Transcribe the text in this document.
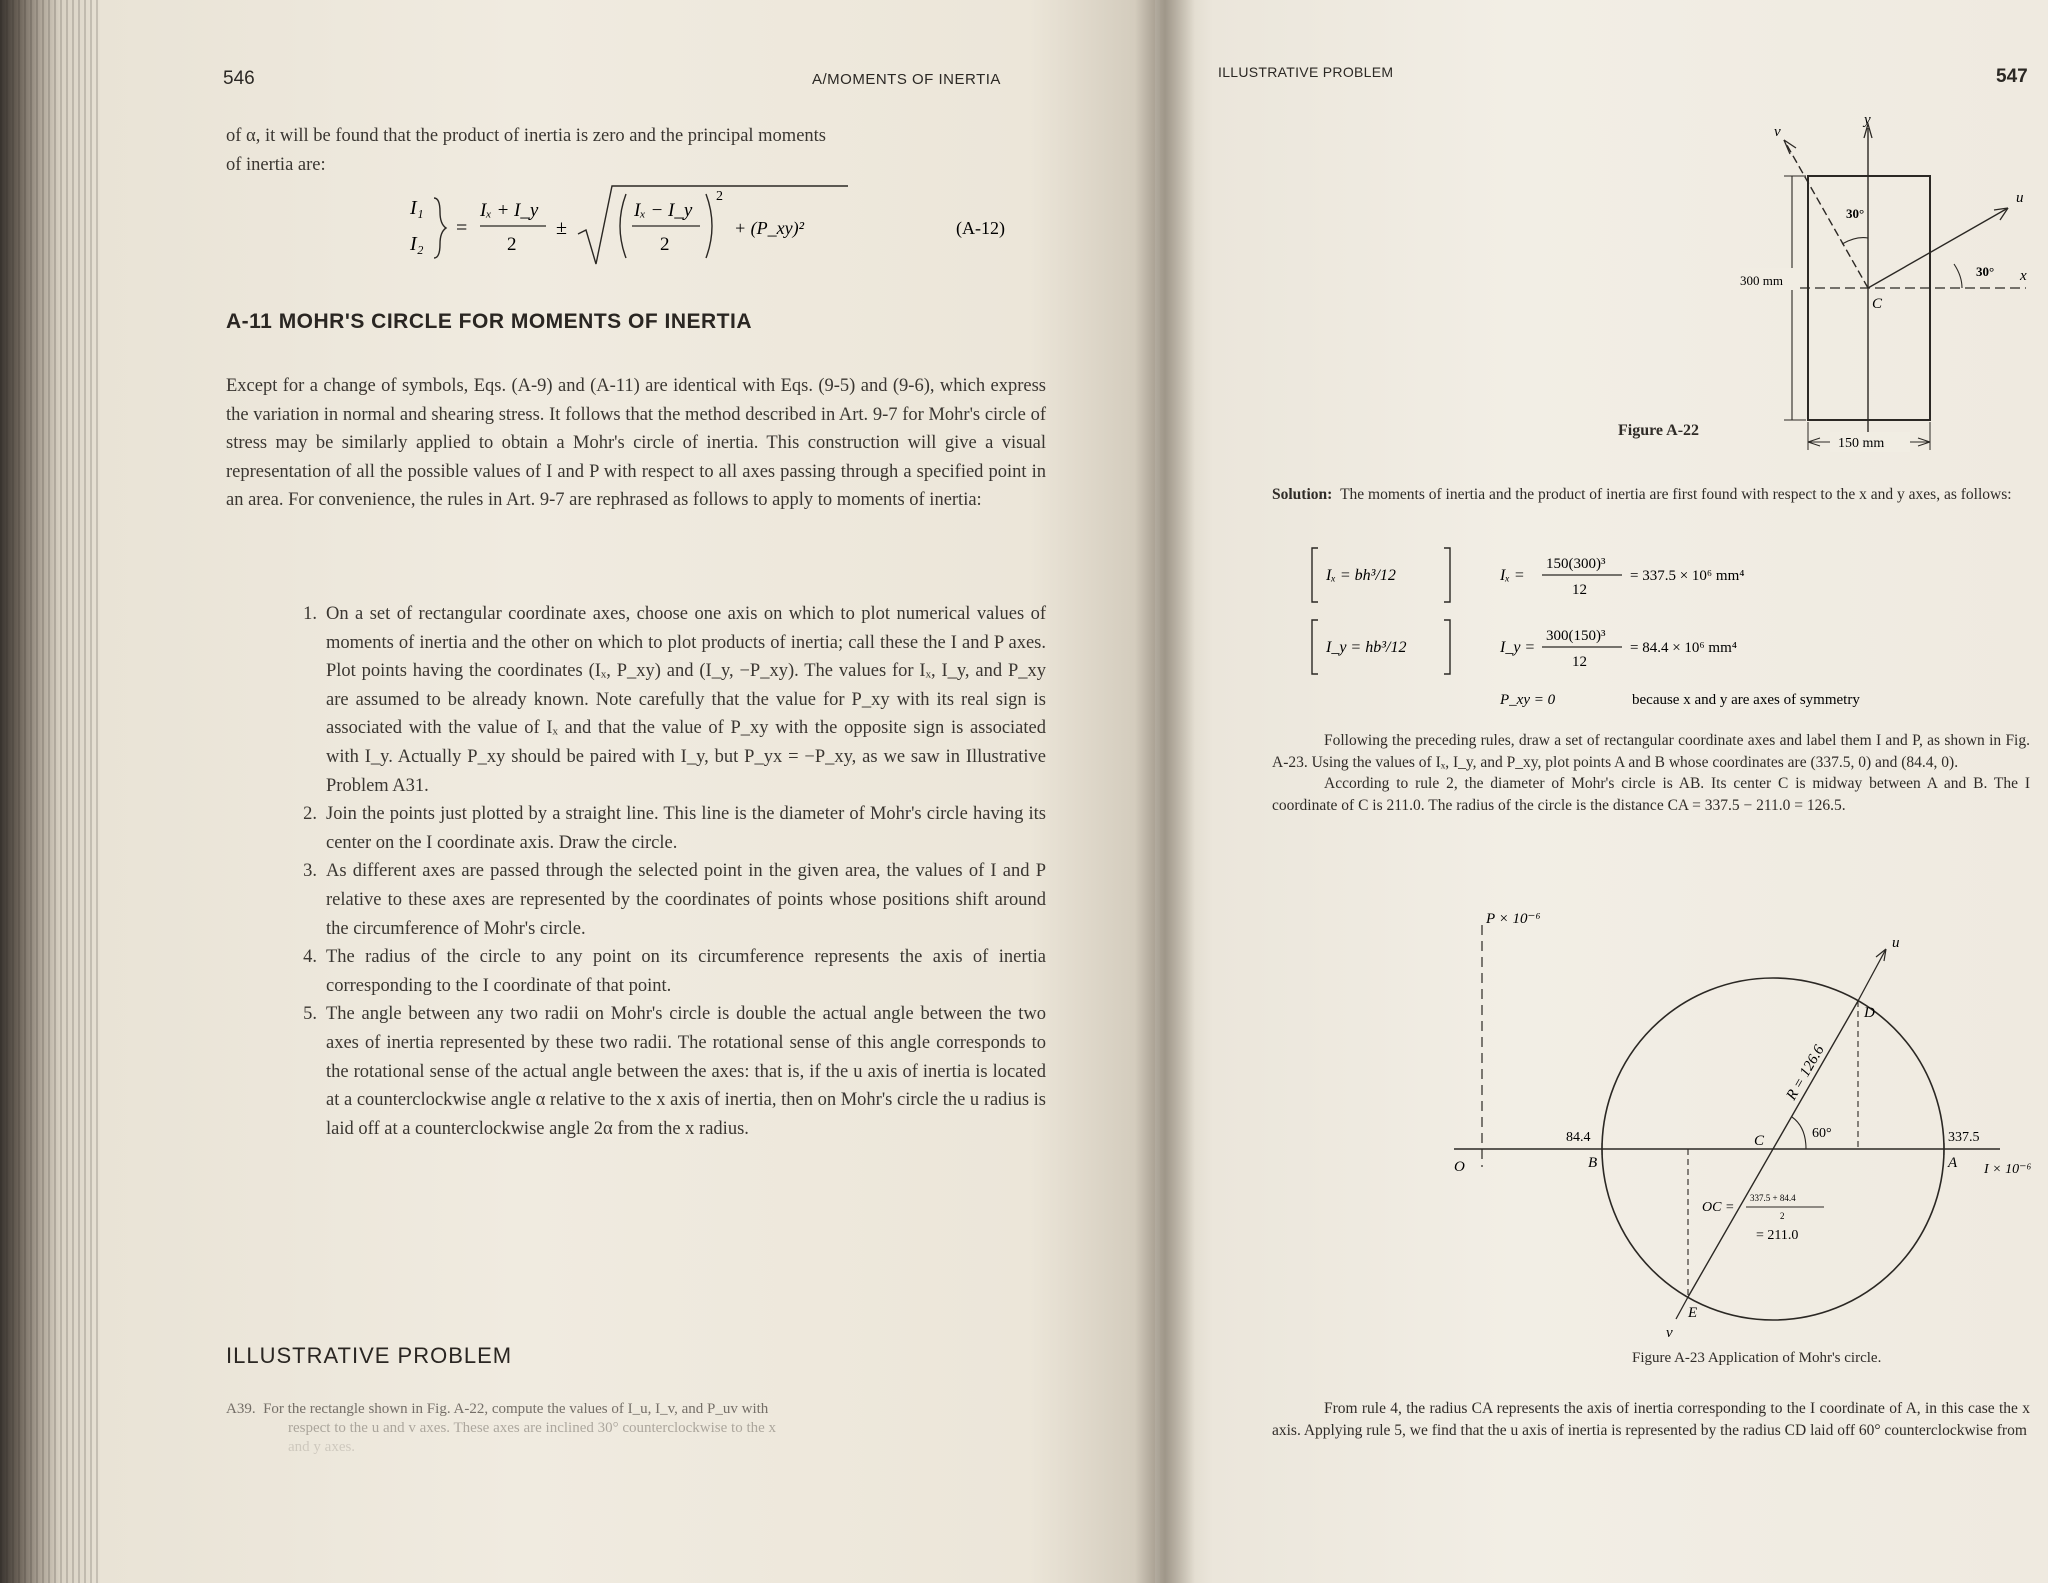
546	A/MOMENTS OF INERTIA

of α, it will be found that the product of inertia is zero and the principal moments

of inertia are:

I₁
I₂
=
Iₓ + I_y
2
±
Iₓ − I_y
2
2
+ (P_xy)²	(A-12)
A-11 MOHR'S CIRCLE FOR MOMENTS OF INERTIA

Except for a change of symbols, Eqs. (A-9) and (A-11) are identical with Eqs. (9-5) and (9-6), which express the variation in normal and shearing stress. It follows that the method described in Art. 9-7 for Mohr's circle of stress may be similarly applied to obtain a Mohr's circle of inertia. This construction will give a visual representation of all the possible values of I and P with respect to all axes passing through a specified point in an area. For convenience, the rules in Art. 9-7 are rephrased as follows to apply to moments of inertia:

1. On a set of rectangular coordinate axes, choose one axis on which to plot numerical values of moments of inertia and the other on which to plot products of inertia; call these the I and P axes. Plot points having the coordinates (Iₓ, P_xy) and (I_y, −P_xy). The values for Iₓ, I_y, and P_xy are assumed to be already known. Note carefully that the value for P_xy with its real sign is associated with the value of Iₓ and that the value of P_xy with the opposite sign is associated with I_y. Actually P_xy should be paired with I_y, but P_yx = −P_xy, as we saw in Illustrative Problem A31.
2. Join the points just plotted by a straight line. This line is the diameter of Mohr's circle having its center on the I coordinate axis. Draw the circle.
3. As different axes are passed through the selected point in the given area, the values of I and P relative to these axes are represented by the coordinates of points whose positions shift around the circumference of Mohr's circle.
4. The radius of the circle to any point on its circumference represents the axis of inertia corresponding to the I coordinate of that point.
5. The angle between any two radii on Mohr's circle is double the actual angle between the two axes of inertia represented by these two radii. The rotational sense of this angle corresponds to the rotational sense of the actual angle between the axes: that is, if the u axis of inertia is located at a counterclockwise angle α relative to the x axis of inertia, then on Mohr's circle the u radius is laid off at a counterclockwise angle 2α from the x radius.
ILLUSTRATIVE PROBLEM
A39. For the rectangle shown in Fig. A-22, compute the values of I_u, I_v, and P_uv with
respect to the u and v axes. These axes are inclined 30° counterclockwise to the x
and y axes.
ILLUSTRATIVE PROBLEM	547
y
x
v
u
30°
30°
C
300 mm
150 mm
Figure A-22

Solution: The moments of inertia and the product of inertia are first found with respect to the x and y axes, as follows:

Iₓ = bh³/12	Iₓ =
150(300)³
12
= 337.5 × 10⁶ mm⁴
I_y = hb³/12	I_y =
300(150)³
12
= 84.4 × 10⁶ mm⁴
P_xy = 0	because x and y are axes of symmetry

Following the preceding rules, draw a set of rectangular coordinate axes and label them I and P, as shown in Fig. A-23. Using the values of Iₓ, I_y, and P_xy, plot points A and B whose coordinates are (337.5, 0) and (84.4, 0).

According to rule 2, the diameter of Mohr's circle is AB. Its center C is midway between A and B. The I coordinate of C is 211.0. The radius of the circle is the distance CA = 337.5 − 211.0 = 126.5.

P × 10⁻⁶
O	I × 10⁻⁶
u
v
60°
D
E
C
B	A
84.4	337.5
R = 126.6
OC =
337.5 + 84.4
2
= 211.0
Figure A-23 Application of Mohr's circle.

From rule 4, the radius CA represents the axis of inertia corresponding to the I coordinate of A, in this case the x axis. Applying rule 5, we find that the u axis of inertia is represented by the radius CD laid off 60° counterclockwise from
